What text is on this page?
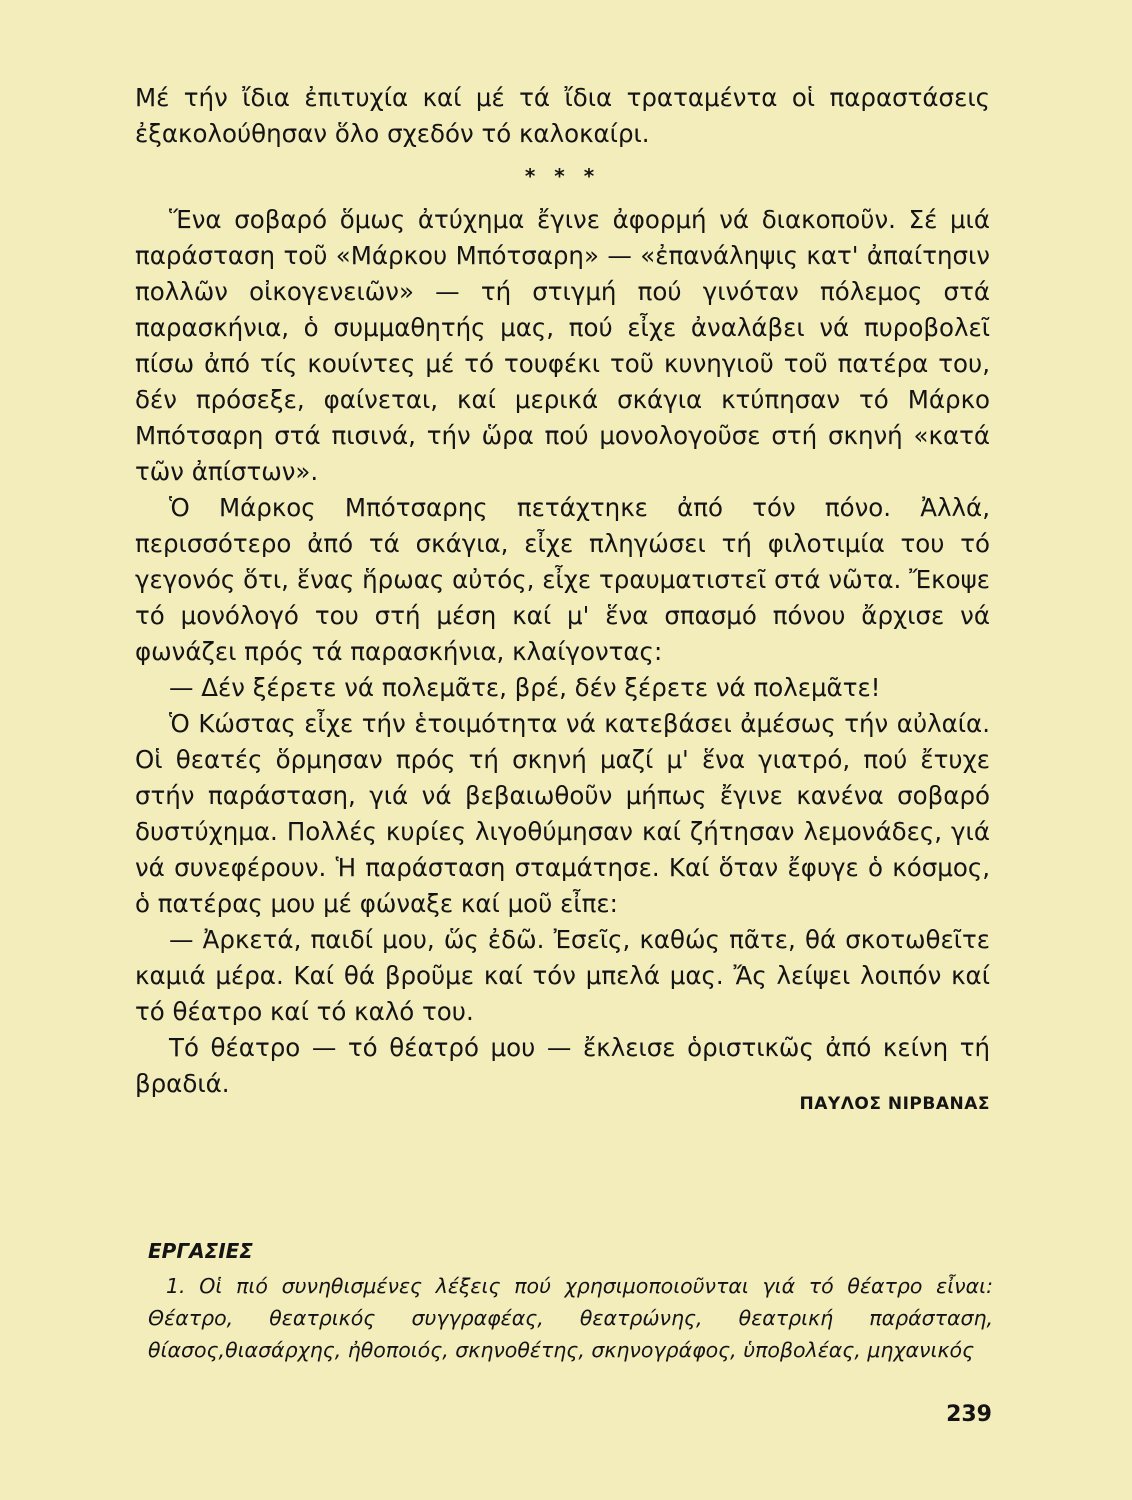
Μέ τήν ἴδια ἐπιτυχία καί μέ τά ἴδια τραταμέντα οἱ παραστάσεις ἐξακολούθησαν ὅλο σχεδόν τό καλοκαίρι.

* * *

Ἕνα σοβαρό ὅμως ἀτύχημα ἔγινε ἀφορμή νά διακοποῦν. Σέ μιά παράσταση τοῦ «Μάρκου Μπότσαρη» — «ἐπανάληψις κατ' ἀπαίτησιν πολλῶν οἰκογενειῶν» — τή στιγμή πού γινόταν πόλεμος στά παρασκήνια, ὁ συμμαθητής μας, πού εἶχε ἀναλάβει νά πυροβολεῖ πίσω ἀπό τίς κουίντες μέ τό τουφέκι τοῦ κυνηγιοῦ τοῦ πατέρα του, δέν πρόσεξε, φαίνεται, καί μερικά σκάγια κτύπησαν τό Μάρκο Μπότσαρη στά πισινά, τήν ὥρα πού μονολογοῦσε στή σκηνή «κατά τῶν ἀπίστων».

Ὁ Μάρκος Μπότσαρης πετάχτηκε ἀπό τόν πόνο. Ἀλλά, περισσότερο ἀπό τά σκάγια, εἶχε πληγώσει τή φιλοτιμία του τό γεγονός ὅτι, ἕνας ἥρωας αὐτός, εἶχε τραυματιστεῖ στά νῶτα. Ἔκοψε τό μονόλογό του στή μέση καί μ' ἕνα σπασμό πόνου ἄρχισε νά φωνάζει πρός τά παρασκήνια, κλαίγοντας:

— Δέν ξέρετε νά πολεμᾶτε, βρέ, δέν ξέρετε νά πολεμᾶτε!

Ὁ Κώστας εἶχε τήν ἑτοιμότητα νά κατεβάσει ἀμέσως τήν αὐλαία. Οἱ θεατές ὅρμησαν πρός τή σκηνή μαζί μ' ἕνα γιατρό, πού ἔτυχε στήν παράσταση, γιά νά βεβαιωθοῦν μήπως ἔγινε κανένα σοβαρό δυστύχημα. Πολλές κυρίες λιγοθύμησαν καί ζήτησαν λεμονάδες, γιά νά συνεφέρουν. Ἡ παράσταση σταμάτησε. Καί ὅταν ἔφυγε ὁ κόσμος, ὁ πατέρας μου μέ φώναξε καί μοῦ εἶπε:

— Ἀρκετά, παιδί μου, ὥς ἐδῶ. Ἐσεῖς, καθώς πᾶτε, θά σκοτωθεῖτε καμιά μέρα. Καί θά βροῦμε καί τόν μπελά μας. Ἄς λείψει λοιπόν καί τό θέατρο καί τό καλό του.

Τό θέατρο — τό θέατρό μου — ἔκλεισε ὁριστικῶς ἀπό κείνη τή βραδιά.

ΠΑΥΛΟΣ ΝΙΡΒΑΝΑΣ
ΕΡΓΑΣΙΕΣ

1. Οἱ πιό συνηθισμένες λέξεις πού χρησιμοποιοῦνται γιά τό θέατρο εἶναι: Θέατρο, θεατρικός συγγραφέας, θεατρώνης, θεατρική παράσταση, θίασος,θιασάρχης, ἠθοποιός, σκηνοθέτης, σκηνογράφος, ὑποβολέας, μηχανικός

239
